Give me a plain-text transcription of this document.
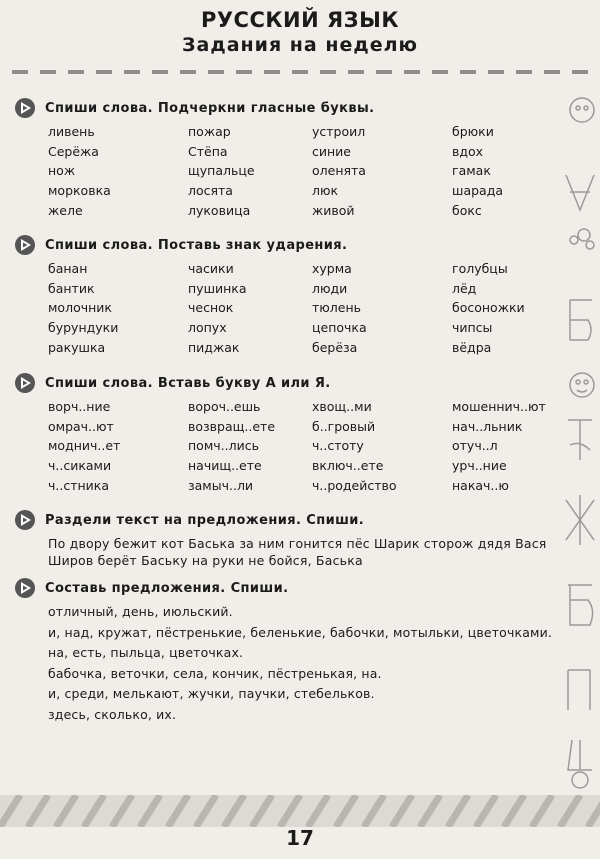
РУССКИЙ ЯЗЫК
Задания на неделю
Спиши слова. Подчеркни гласные буквы.
ливень	пожар	устроил	брюки
Серёжа	Стёпа	синие	вдох
нож	щупальце	оленята	гамак
морковка	лосята	люк	шарада
желе	луковица	живой	бокс
Спиши слова. Поставь знак ударения.
банан	часики	хурма	голубцы
бантик	пушинка	люди	лёд
молочник	чеснок	тюлень	босоножки
бурундуки	лопух	цепочка	чипсы
ракушка	пиджак	берёза	вёдра
Спиши слова. Вставь букву А или Я.
ворч..ние	вороч..ешь	хвощ..ми	мошеннич..ют
омрач..ют	возвращ..ете	б..гровый	нач..льник
моднич..ет	помч..лись	ч..стоту	отуч..л
ч..сиками	начищ..ете	включ..ете	урч..ние
ч..стника	замыч..ли	ч..родейство	накач..ю
Раздели текст на предложения. Спиши.
По двору бежит кот Баська за ним гонится пёс Шарик сторож дядя Вася Широв берёт Баську на руки не бойся, Баська
Составь предложения. Спиши.
отличный, день, июльский.
и, над, кружат, пёстренькие, беленькие, бабочки, мотыльки, цветочками.
на, есть, пыльца, цветочках.
бабочка, веточки, села, кончик, пёстренькая, на.
и, среди, мелькают, жучки, паучки, стебельков.
здесь, сколько, их.
17
